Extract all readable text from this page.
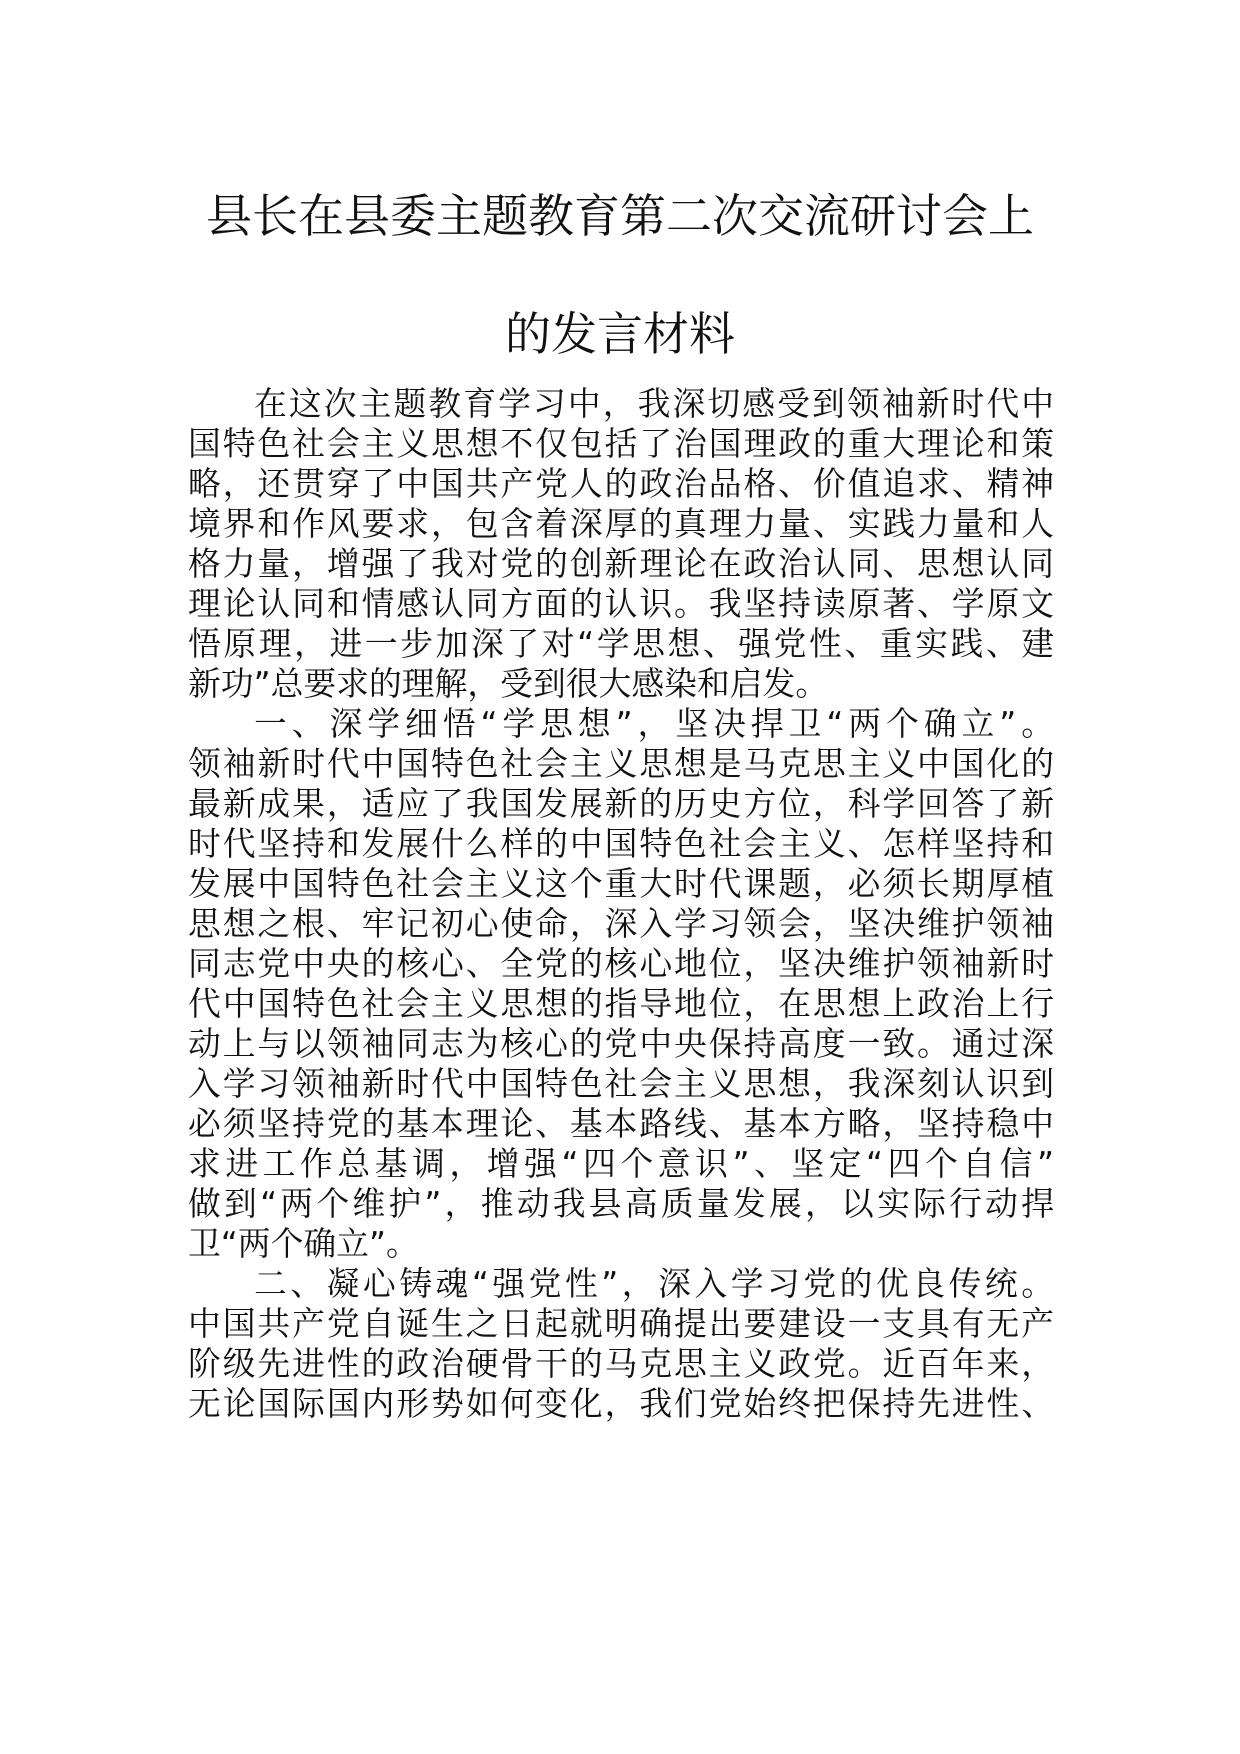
县长在县委主题教育第二次交流研讨会上
的发言材料
在这次主题教育学习中，我深切感受到领袖新时代中
国特色社会主义思想不仅包括了治国理政的重大理论和策
略，还贯穿了中国共产党人的政治品格、价值追求、精神
境界和作风要求，包含着深厚的真理力量、实践力量和人
格力量，增强了我对党的创新理论在政治认同、思想认同
理论认同和情感认同方面的认识。我坚持读原著、学原文
悟原理，进一步加深了对“学思想、强党性、重实践、建
新功”总要求的理解，受到很大感染和启发。
一、深学细悟“学思想”，坚决捍卫“两个确立”。
领袖新时代中国特色社会主义思想是马克思主义中国化的
最新成果，适应了我国发展新的历史方位，科学回答了新
时代坚持和发展什么样的中国特色社会主义、怎样坚持和
发展中国特色社会主义这个重大时代课题，必须长期厚植
思想之根、牢记初心使命，深入学习领会，坚决维护领袖
同志党中央的核心、全党的核心地位，坚决维护领袖新时
代中国特色社会主义思想的指导地位，在思想上政治上行
动上与以领袖同志为核心的党中央保持高度一致。通过深
入学习领袖新时代中国特色社会主义思想，我深刻认识到
必须坚持党的基本理论、基本路线、基本方略，坚持稳中
求进工作总基调，增强“四个意识”、坚定“四个自信”
做到“两个维护”，推动我县高质量发展，以实际行动捍
卫“两个确立”。
二、凝心铸魂“强党性”，深入学习党的优良传统。
中国共产党自诞生之日起就明确提出要建设一支具有无产
阶级先进性的政治硬骨干的马克思主义政党。近百年来，
无论国际国内形势如何变化，我们党始终把保持先进性、
